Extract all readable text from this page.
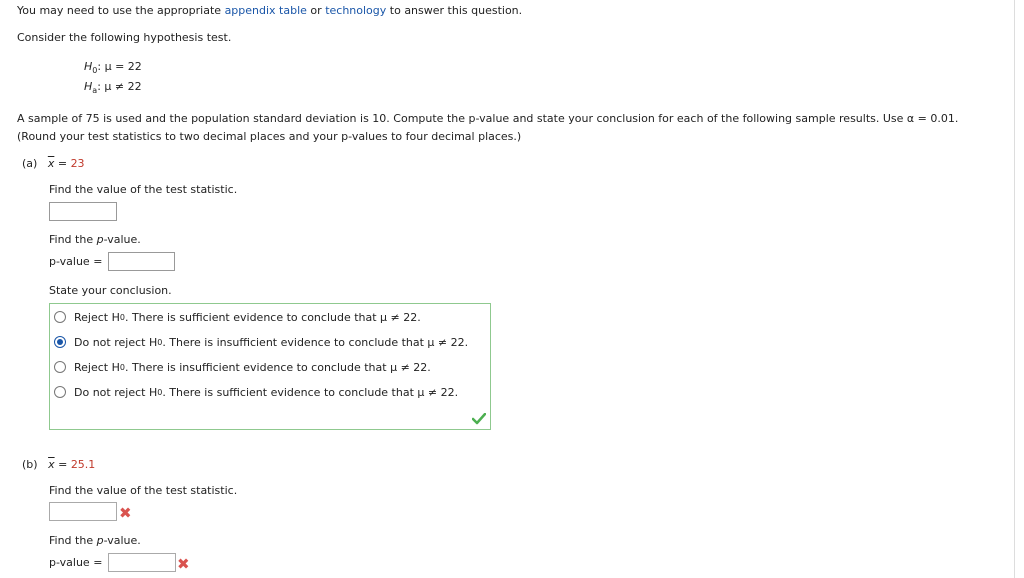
You may need to use the appropriate appendix table or technology to answer this question.
Consider the following hypothesis test.
$H_0$: μ = 22
$H_a$: μ ≠ 22
A sample of 75 is used and the population standard deviation is 10. Compute the p-value and state your conclusion for each of the following sample results. Use α = 0.01.
(Round your test statistics to two decimal places and your p-values to four decimal places.)
(a) $\overline{x} = 23$
Find the value of the test statistic.
Find the p-value.
p-value =
State your conclusion.
Reject H 0 . There is sufficient evidence to conclude that μ ≠ 22.
Do not reject H 0 . There is insufficient evidence to conclude that μ ≠ 22.
Reject H 0 . There is insufficient evidence to conclude that μ ≠ 22.
Do not reject H 0 . There is sufficient evidence to conclude that μ ≠ 22.
(b) $\overline{x} = 25.1$
Find the value of the test statistic.
✖
Find the p-value.
p-value =	✖
